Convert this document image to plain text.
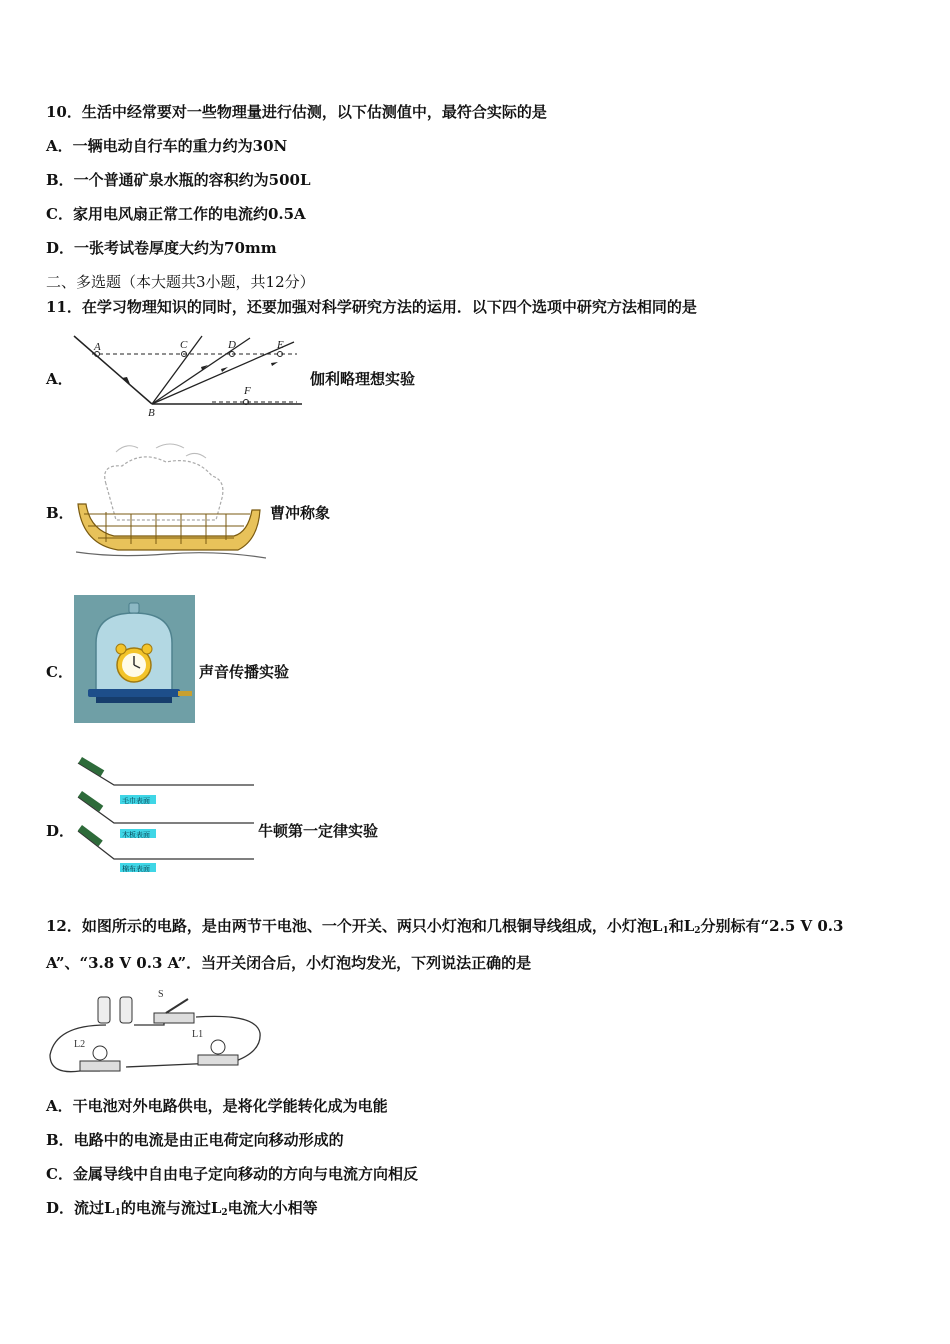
10．生活中经常要对一些物理量进行估测，以下估测值中，最符合实际的是
A．一辆电动自行车的重力约为30N
B．一个普通矿泉水瓶的容积约为500L
C．家用电风扇正常工作的电流约0.5A
D．一张考试卷厚度大约为70mm
二、多选题（本大题共3小题，共12分）
11．在学习物理知识的同时，还要加强对科学研究方法的运用．以下四个选项中研究方法相同的是
A．
A
B
C	D	E
F
伽利略理想实验
B．	曹冲称象
C．	声音传播实验
D．
毛巾表面
木板表面
棉布表面
牛顿第一定律实验
12．如图所示的电路，是由两节干电池、一个开关、两只小灯泡和几根铜导线组成，小灯泡$L_1$和$L_2$分别标有“2.5 V 0.3
A”、“3.8 V 0.3 A”．当开关闭合后，小灯泡均发光，下列说法正确的是
S
L2
L1
A．干电池对外电路供电，是将化学能转化成为电能
B．电路中的电流是由正电荷定向移动形成的
C．金属导线中自由电子定向移动的方向与电流方向相反
D．流过$L_1$的电流与流过$L_2$电流大小相等
